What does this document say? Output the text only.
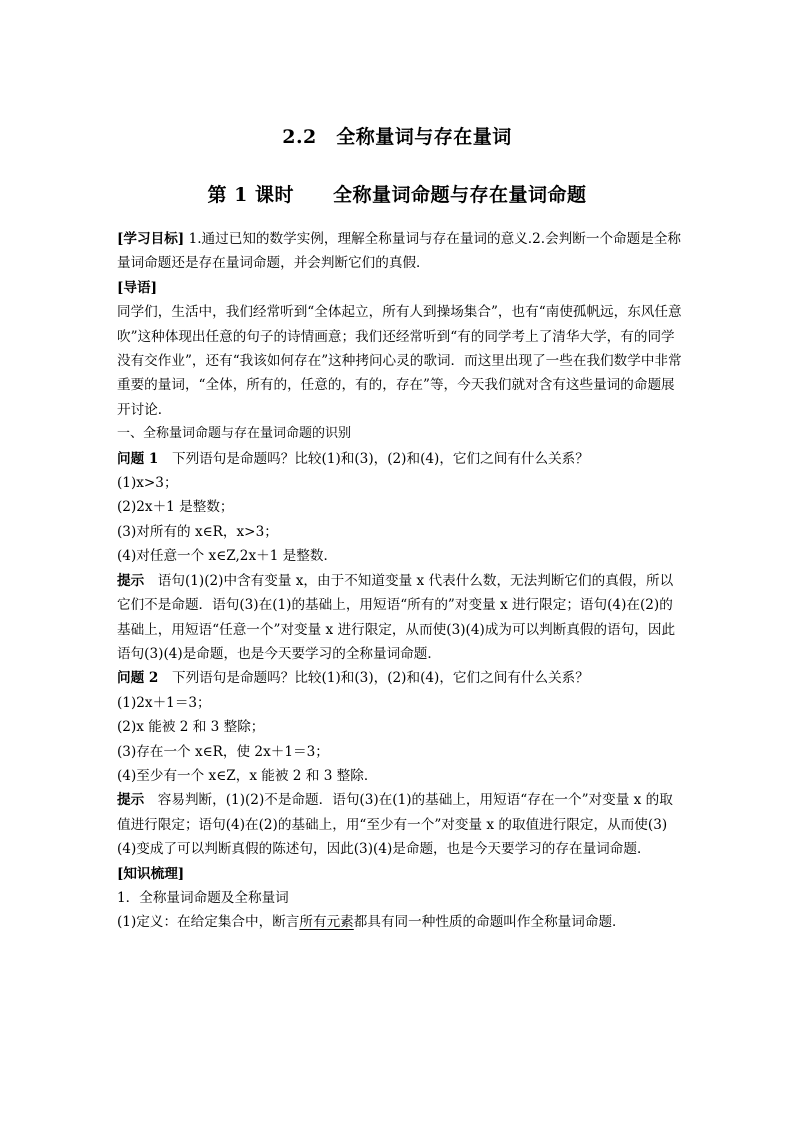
2.2　全称量词与存在量词
第 1 课时　　全称量词命题与存在量词命题

[学习目标] 1.通过已知的数学实例，理解全称量词与存在量词的意义.2.会判断一个命题是全称量词命题还是存在量词命题，并会判断它们的真假．

[导语]

同学们，生活中，我们经常听到“全体起立，所有人到操场集合”，也有“南使孤帆远，东风任意吹”这种体现出任意的句子的诗情画意；我们还经常听到“有的同学考上了清华大学，有的同学没有交作业”，还有“我该如何存在”这种拷问心灵的歌词．而这里出现了一些在我们数学中非常重要的量词，“全体，所有的，任意的，有的，存在”等，今天我们就对含有这些量词的命题展开讨论．

一、全称量词命题与存在量词命题的识别

问题 1　下列语句是命题吗？比较(1)和(3)，(2)和(4)，它们之间有什么关系？

(1)x>3；

(2)2x＋1 是整数；

(3)对所有的 x∈R，x>3；

(4)对任意一个 x∈Z,2x＋1 是整数．

提示　语句(1)(2)中含有变量 x，由于不知道变量 x 代表什么数，无法判断它们的真假，所以它们不是命题．语句(3)在(1)的基础上，用短语“所有的”对变量 x 进行限定；语句(4)在(2)的基础上，用短语“任意一个”对变量 x 进行限定，从而使(3)(4)成为可以判断真假的语句，因此语句(3)(4)是命题，也是今天要学习的全称量词命题．

问题 2　下列语句是命题吗？比较(1)和(3)，(2)和(4)，它们之间有什么关系？

(1)2x＋1＝3；

(2)x 能被 2 和 3 整除；

(3)存在一个 x∈R，使 2x＋1＝3；

(4)至少有一个 x∈Z，x 能被 2 和 3 整除．

提示　容易判断，(1)(2)不是命题．语句(3)在(1)的基础上，用短语“存在一个”对变量 x 的取值进行限定；语句(4)在(2)的基础上，用“至少有一个”对变量 x 的取值进行限定，从而使(3)(4)变成了可以判断真假的陈述句，因此(3)(4)是命题，也是今天要学习的存在量词命题．

[知识梳理]

1．全称量词命题及全称量词

(1)定义：在给定集合中，断言所有元素都具有同一种性质的命题叫作全称量词命题．
